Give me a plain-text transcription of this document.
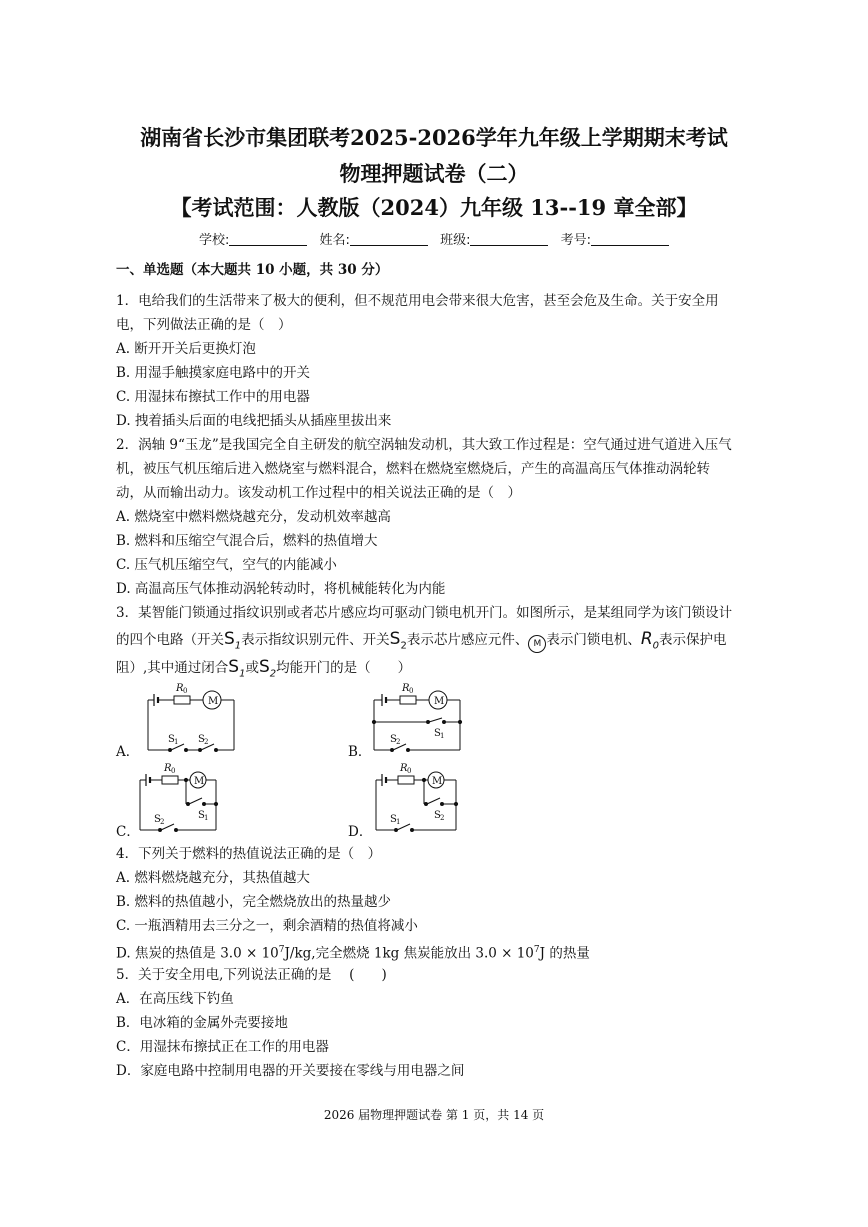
湖南省长沙市集团联考2025-2026学年九年级上学期期末考试
物理押题试卷（二）
【考试范围：人教版（2024）九年级 13--19 章全部】
学校:	姓名:	班级:	考号:
一、单选题（本大题共 10 小题，共 30 分）
1．电给我们的生活带来了极大的便利，但不规范用电会带来很大危害，甚至会危及生命。关于安全用
电，下列做法正确的是（　）
A. 断开开关后更换灯泡
B. 用湿手触摸家庭电路中的开关
C. 用湿抹布擦拭工作中的用电器
D. 拽着插头后面的电线把插头从插座里拔出来
2．涡轴 9“玉龙”是我国完全自主研发的航空涡轴发动机，其大致工作过程是：空气通过进气道进入压气
机，被压气机压缩后进入燃烧室与燃料混合，燃料在燃烧室燃烧后，产生的高温高压气体推动涡轮转
动，从而输出动力。该发动机工作过程中的相关说法正确的是（　）
A. 燃烧室中燃料燃烧越充分，发动机效率越高
B. 燃料和压缩空气混合后，燃料的热值增大
C. 压气机压缩空气，空气的内能减小
D. 高温高压气体推动涡轮转动时，将机械能转化为内能
3．某智能门锁通过指纹识别或者芯片感应均可驱动门锁电机开门。如图所示，是某组同学为该门锁设计
的四个电路（开关$S_1$表示指纹识别元件、开关$S_2$表示芯片感应元件、 M 表示门锁电机、$R_0$表示保护电
阻）,其中通过闭合$S_1$或$S_2$均能开门的是（　　）
A．	B．
C．	D．
R 0
M
S 1 S 2
R 0
M
S 1
S 2
R 0
M
S 1
S 2
R 0
M
S 1
S 2
4．下列关于燃料的热值说法正确的是（　）
A. 燃料燃烧越充分，其热值越大
B. 燃料的热值越小，完全燃烧放出的热量越少
C. 一瓶酒精用去三分之一，剩余酒精的热值将减小
D. 焦炭的热值是 $3.0 \times 10^7J/kg$,完全燃烧 1kg 焦炭能放出 $3.0 \times 10^7J$ 的热量
5．关于安全用电,下列说法正确的是　 (　　)
A．在高压线下钓鱼
B．电冰箱的金属外壳要接地
C．用湿抹布擦拭正在工作的用电器
D．家庭电路中控制用电器的开关要接在零线与用电器之间
2026 届物理押题试卷 第 1 页，共 14 页
